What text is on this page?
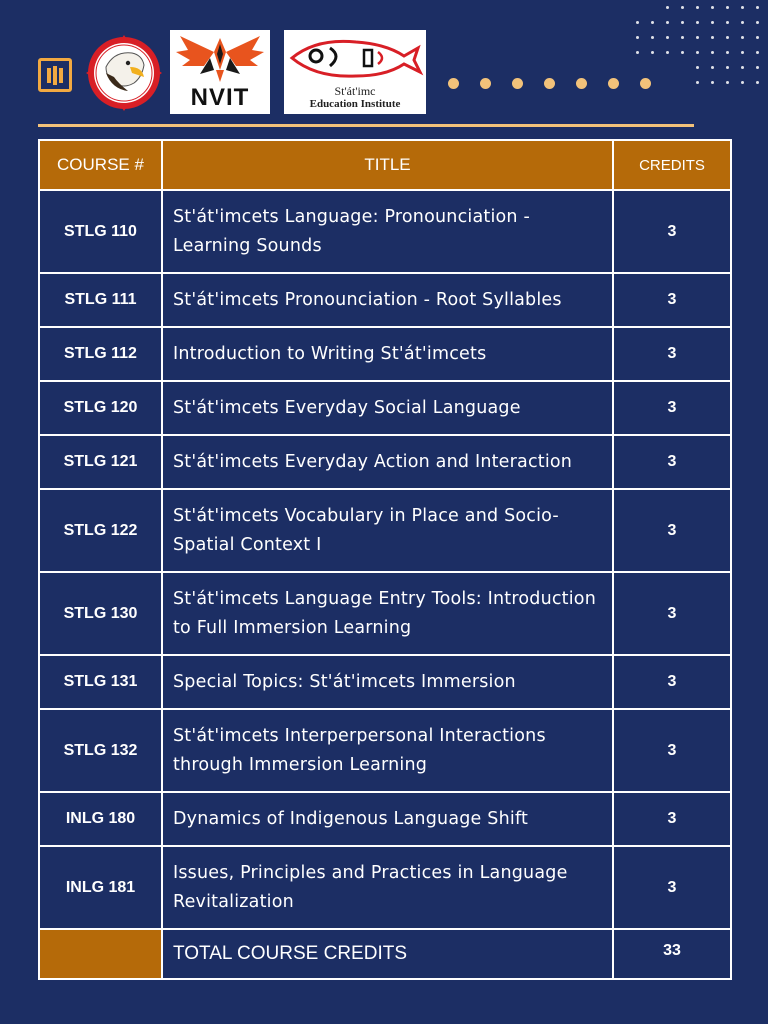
NVIT	St'át'imc
Education Institute
COURSE #	TITLE	CREDITS
STLG 110	St'át'imcets Language: Pronounciation - Learning Sounds	3
STLG 111	St'át'imcets Pronounciation - Root Syllables	3
STLG 112	Introduction to Writing St'át'imcets	3
STLG 120	St'át'imcets Everyday Social Language	3
STLG 121	St'át'imcets Everyday Action and Interaction	3
STLG 122	St'át'imcets Vocabulary in Place and Socio-Spatial Context I	3
STLG 130	St'át'imcets Language Entry Tools: Introduction to Full Immersion Learning	3
STLG 131	Special Topics: St'át'imcets Immersion	3
STLG 132	St'át'imcets Interperpersonal Interactions through Immersion Learning	3
INLG 180	Dynamics of Indigenous Language Shift	3
INLG 181	Issues, Principles and Practices in Language Revitalization	3
	TOTAL COURSE CREDITS	33
